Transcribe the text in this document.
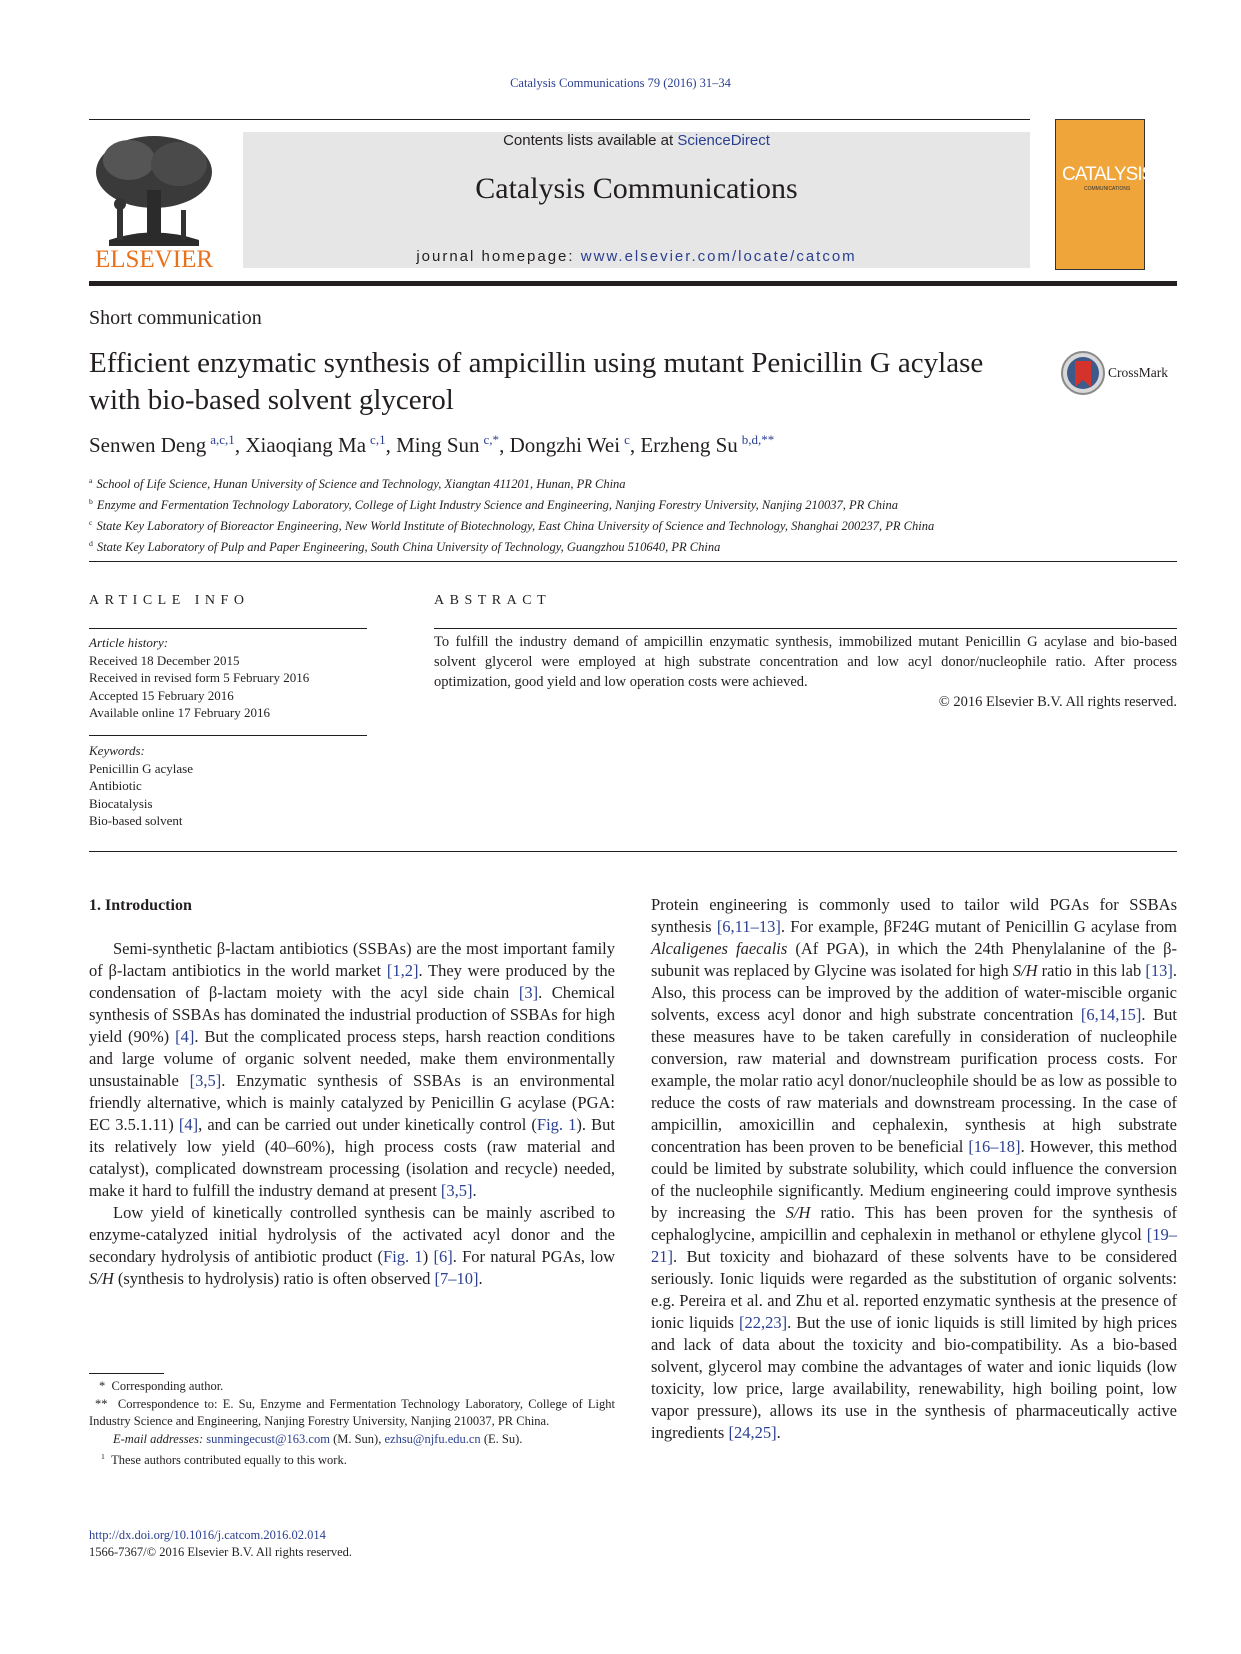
Catalysis Communications 79 (2016) 31–34
Contents lists available at ScienceDirect
Catalysis Communications
journal homepage: www.elsevier.com/locate/catcom
ELSEVIER
CATALYSIS
COMMUNICATIONS
Short communication
Efficient enzymatic synthesis of ampicillin using mutant Penicillin G acylase with bio-based solvent glycerol
CrossMark
Senwen Deng $^{a,c,1}$, Xiaoqiang Ma $^{c,1}$, Ming Sun $^{c,*}$, Dongzhi Wei $^c$, Erzheng Su $^{b,d,**}$
$^a$ School of Life Science, Hunan University of Science and Technology, Xiangtan 411201, Hunan, PR China
$^b$ Enzyme and Fermentation Technology Laboratory, College of Light Industry Science and Engineering, Nanjing Forestry University, Nanjing 210037, PR China
$^c$ State Key Laboratory of Bioreactor Engineering, New World Institute of Biotechnology, East China University of Science and Technology, Shanghai 200237, PR China
$^d$ State Key Laboratory of Pulp and Paper Engineering, South China University of Technology, Guangzhou 510640, PR China
ARTICLE INFO
Article history:
Received 18 December 2015
Received in revised form 5 February 2016
Accepted 15 February 2016
Available online 17 February 2016
Keywords:
Penicillin G acylase
Antibiotic
Biocatalysis
Bio-based solvent
ABSTRACT
To fulfill the industry demand of ampicillin enzymatic synthesis, immobilized mutant Penicillin G acylase and bio-based solvent glycerol were employed at high substrate concentration and low acyl donor/nucleophile ratio. After process optimization, good yield and low operation costs were achieved.
© 2016 Elsevier B.V. All rights reserved.
1. Introduction

Semi-synthetic β-lactam antibiotics (SSBAs) are the most important family of β-lactam antibiotics in the world market [1,2]. They were produced by the condensation of β-lactam moiety with the acyl side chain [3]. Chemical synthesis of SSBAs has dominated the industrial production of SSBAs for high yield (90%) [4]. But the complicated process steps, harsh reaction conditions and large volume of organic solvent needed, make them environmentally unsustainable [3,5]. Enzymatic synthesis of SSBAs is an environmental friendly alternative, which is mainly catalyzed by Penicillin G acylase (PGA: EC 3.5.1.11) [4], and can be carried out under kinetically control (Fig. 1). But its relatively low yield (40–60%), high process costs (raw material and catalyst), complicated downstream processing (isolation and recycle) needed, make it hard to fulfill the industry demand at present [3,5].

Low yield of kinetically controlled synthesis can be mainly ascribed to enzyme-catalyzed initial hydrolysis of the activated acyl donor and the secondary hydrolysis of antibiotic product (Fig. 1) [6]. For natural PGAs, low S/H (synthesis to hydrolysis) ratio is often observed [7–10].

Protein engineering is commonly used to tailor wild PGAs for SSBAs synthesis [6,11–13]. For example, βF24G mutant of Penicillin G acylase from Alcaligenes faecalis (Af PGA), in which the 24th Phenylalanine of the β-subunit was replaced by Glycine was isolated for high S/H ratio in this lab [13]. Also, this process can be improved by the addition of water-miscible organic solvents, excess acyl donor and high substrate concentration [6,14,15]. But these measures have to be taken carefully in consideration of nucleophile conversion, raw material and downstream purification process costs. For example, the molar ratio acyl donor/nucleophile should be as low as possible to reduce the costs of raw materials and downstream processing. In the case of ampicillin, amoxicillin and cephalexin, synthesis at high substrate concentration has been proven to be beneficial [16–18]. However, this method could be limited by substrate solubility, which could influence the conversion of the nucleophile significantly. Medium engineering could improve synthesis by increasing the S/H ratio. This has been proven for the synthesis of cephaloglycine, ampicillin and cephalexin in methanol or ethylene glycol [19–21]. But toxicity and biohazard of these solvents have to be considered seriously. Ionic liquids were regarded as the substitution of organic solvents: e.g. Pereira et al. and Zhu et al. reported enzymatic synthesis at the presence of ionic liquids [22,23]. But the use of ionic liquids is still limited by high prices and lack of data about the toxicity and bio-compatibility. As a bio-based solvent, glycerol may combine the advantages of water and ionic liquids (low toxicity, low price, large availability, renewability, high boiling point, low vapor pressure), allows its use in the synthesis of pharmaceutically active ingredients [24,25].

* Corresponding author.
** Correspondence to: E. Su, Enzyme and Fermentation Technology Laboratory, College of Light Industry Science and Engineering, Nanjing Forestry University, Nanjing 210037, PR China.
E-mail addresses: sunmingecust@163.com (M. Sun), ezhsu@njfu.edu.cn (E. Su).
$^1$ These authors contributed equally to this work.
http://dx.doi.org/10.1016/j.catcom.2016.02.014
1566-7367/© 2016 Elsevier B.V. All rights reserved.
